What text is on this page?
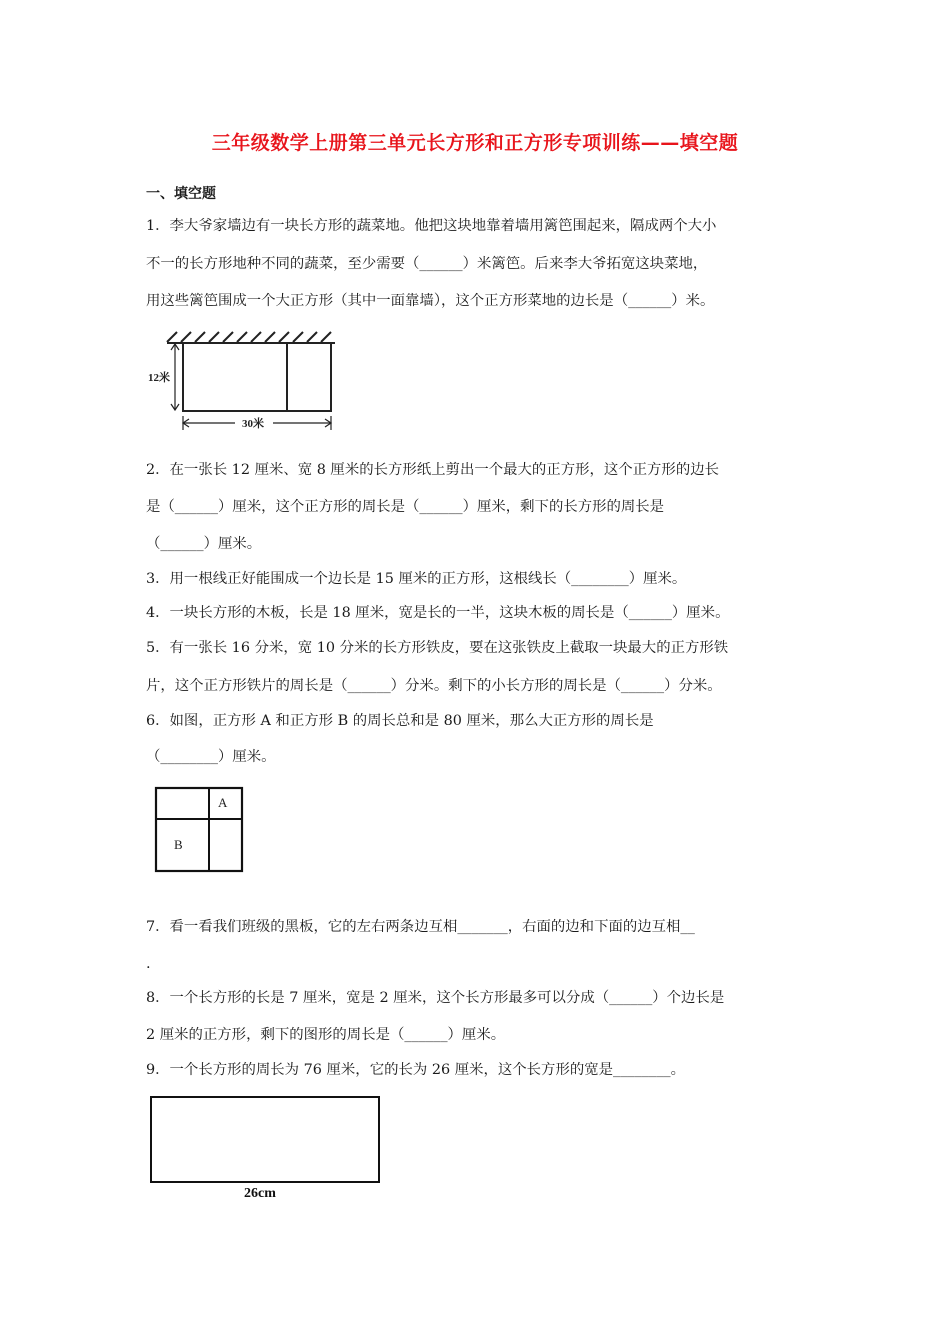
三年级数学上册第三单元长方形和正方形专项训练——填空题
一、填空题
1．李大爷家墙边有一块长方形的蔬菜地。他把这块地靠着墙用篱笆围起来，隔成两个大小
不一的长方形地种不同的蔬菜，至少需要（______）米篱笆。后来李大爷拓宽这块菜地，
用这些篱笆围成一个大正方形（其中一面靠墙），这个正方形菜地的边长是（______）米。
12米
30米
2．在一张长 12 厘米、宽 8 厘米的长方形纸上剪出一个最大的正方形，这个正方形的边长
是（______）厘米，这个正方形的周长是（______）厘米，剩下的长方形的周长是
（______）厘米。
3．用一根线正好能围成一个边长是 15 厘米的正方形，这根线长（________）厘米。
4．一块长方形的木板，长是 18 厘米，宽是长的一半，这块木板的周长是（______）厘米。
5．有一张长 16 分米，宽 10 分米的长方形铁皮，要在这张铁皮上截取一块最大的正方形铁
片，这个正方形铁片的周长是（______）分米。剩下的小长方形的周长是（______）分米。
6．如图，正方形 A 和正方形 B 的周长总和是 80 厘米，那么大正方形的周长是
（________）厘米。
A
B
7．看一看我们班级的黑板，它的左右两条边互相_______，右面的边和下面的边互相__
.
8．一个长方形的长是 7 厘米，宽是 2 厘米，这个长方形最多可以分成（______）个边长是
2 厘米的正方形，剩下的图形的周长是（______）厘米。
9．一个长方形的周长为 76 厘米，它的长为 26 厘米，这个长方形的宽是________。
26cm
